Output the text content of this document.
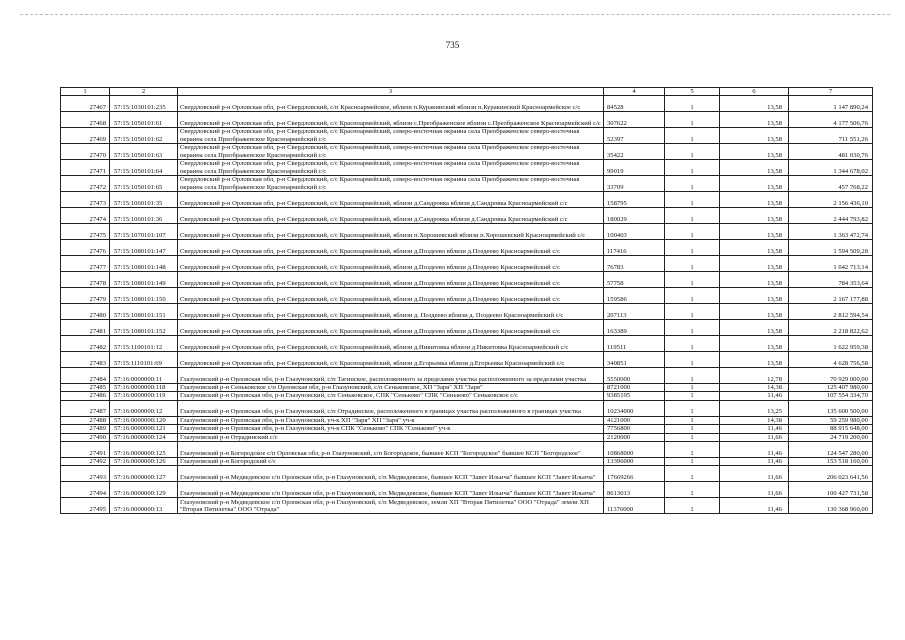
735
1	2	3	4	5	6	7
27467	57:15:1030101:235	Свердловский р-н Орловская обл, р-н Свердловский, с/п Красноармейское, вблизи п.Куракинский вблизи п.Куракинский Красноармейское с/с	84528	1	13,58	1 147 890,24
27468	57:15:1050101:61	Свердловский р-н Орловская обл, р-н Свердловский, с/с Красноармейский, вблизи с.Преображенское вблизи с.Преображенское Красноармейский с/с	307622	1	13,58	4 177 506,76
27469	57:15:1050101:62	Свердловский р-н Орловская обл, р-н Свердловский, с/с Красноармейский, северо-восточная окраина села Преображенское северо-восточная окраина села Преображенское Красноармейский с/с	52397	1	13,58	711 551,26
27470	57:15:1050101:63	Свердловский р-н Орловская обл, р-н Свердловский, с/с Красноармейский, северо-восточная окраина села Преображенское северо-восточная окраина села Преображенское Красноармейский с/с	35422	1	13,58	481 030,76
27471	57:15:1050101:64	Свердловский р-н Орловская обл, р-н Свердловский, с/с Красноармейский, северо-восточная окраина села Преображенское северо-восточная окраина села Преображенское Красноармейский с/с	99019	1	13,58	1 344 678,02
27472	57:15:1050101:65	Свердловский р-н Орловская обл, р-н Свердловский, с/с Красноармейский, северо-восточная окраина села Преображенское северо-восточная окраина села Преображенское Красноармейский с/с	33709	1	13,58	457 768,22
27473	57:15:1060101:35	Свердловский р-н Орловская обл, р-н Свердловский, с/с Красноармейский, вблизи д.Сандровка вблизи д.Сандровка Красноармейский с/с	158795	1	13,58	2 156 436,10
27474	57:15:1060101:36	Свердловский р-н Орловская обл, р-н Свердловский, с/с Красноармейский, вблизи д.Сандровка вблизи д.Сандровка Красноармейский с/с	180029	1	13,58	2 444 793,82
27475	57:15:1070101:107	Свердловский р-н Орловская обл, р-н Свердловский, с/с Красноармейский, вблизи п.Хорошевский вблизи п.Хорошевский Красноармейский с/с	100403	1	13,58	1 363 472,74
27476	57:15:1080101:147	Свердловский р-н Орловская обл, р-н Свердловский, с/с Красноармейский, вблизи д.Поздеево вблизи д.Поздеево Красноармейский с/с	117416	1	13,58	1 594 509,28
27477	57:15:1080101:148	Свердловский р-н Орловская обл, р-н Свердловский, с/с Красноармейский, вблизи д.Поздеево вблизи д.Поздеево Красноармейский с/с	76783	1	13,58	1 042 713,14
27478	57:15:1080101:149	Свердловский р-н Орловская обл, р-н Свердловский, с/с Красноармейский, вблизи д.Поздеево вблизи д.Поздеево Красноармейский с/с	57758	1	13,58	784 353,64
27479	57:15:1080101:150	Свердловский р-н Орловская обл, р-н Свердловский, с/с Красноармейский, вблизи д.Поздеево вблизи д.Поздеево Красноармейский с/с	159586	1	13,58	2 167 177,88
27480	57:15:1080101:151	Свердловский р-н Орловская обл, р-н Свердловский, с/с Красноармейский, вблизи д. Поздеево вблизи д. Поздеево Красноармейский с/с	207113	1	13,58	2 812 594,54
27481	57:15:1080101:152	Свердловский р-н Орловская обл, р-н Свердловский, с/с Красноармейский, вблизи д.Поздеево вблизи д.Поздеево Красноармейский с/с	163389	1	13,58	2 218 822,62
27482	57:15:1100101:12	Свердловский р-н Орловская обл, р-н Свердловский, с/с Красноармейский, вблизи д.Никитовка вблизи д.Никитовка Красноармейский с/с	119511	1	13,58	1 622 959,38
27483	57:15:1110101:69	Свердловский р-н Орловская обл, р-н Свердловский, с/с Красноармейский, вблизи д.Егорьевка вблизи д.Егорьевка Красноармейский с/с	340851	1	13,58	4 628 756,58
27484	57:16:0000000:11	Глазуновский р-н Орловская обл, р-н Глазуновский, с/п Тагинское, расположенного за пределами участка расположенного за пределами участка	5550000	1	12,78	70 929 000,00
27485	57:16:0000000:118	Глазуновский р-н Сеньковское с/п Орловская обл, р-н Глазуновский, с/п Сеньковское, ХП "Заря" ХП "Заря"	8721000	1	14,38	125 407 980,00
27486	57:16:0000000:119	Глазуновский р-н Орловская обл, р-н Глазуновский, с/п Сеньковское, СПК "Сеньково" СПК "Сеньково" Сеньковское с/с	9385195	1	11,46	107 554 334,70
27487	57:16:0000000:12	Глазуновский р-н Орловская обл, р-н Глазуновский, с/п Отрадинское, расположенного в границах участка расположенного в границах участка	10234000	1	13,25	135 600 500,00
27488	57:16:0000000:120	Глазуновский р-н Орловская обл, р-н Глазуновский, уч-к ХП "Заря" ХП "Заря" уч-к	4121000	1	14,38	59 259 980,00
27489	57:16:0000000:121	Глазуновский р-н Орловская обл, р-н Глазуновский, уч-к СПК "Сеньково" СПК "Сеньково" уч-к	7756800	1	11,46	88 915 648,00
27490	57:16:0000000:124	Глазуновский р-н Отрадинский с/с	2120000	1	11,66	24 719 200,00
27491	57:16:0000000:125	Глазуновский р-н Богородское с/п Орловская обл, р-н Глазуновский, с/п Богородское, бывшее КСП "Богородское" бывшее КСП "Богородское"	10868000	1	11,46	124 547 280,00
27492	57:16:0000000:126	Глазуновский р-н Богородский с/с	13396000	1	11,46	153 518 160,00
27493	57:16:0000000:127	Глазуновский р-н Медведевское с/п Орловская обл, р-н Глазуновский, с/п Медведевское, бывшее КСП "Завет Ильича" бывшее КСП "Завет Ильича"	17669266	1	11,66	206 023 641,56
27494	57:16:0000000:129	Глазуновский р-н Медведевское с/п Орловская обл, р-н Глазуновский, с/п Медведевское, бывшее КСП "Завет Ильича" бывшее КСП "Завет Ильича"	8613013	1	11,66	100 427 731,58
27495	57:16:0000000:13	Глазуновский р-н Медведевское с/п Орловская обл, р-н Глазуновский, с/п Медведевское, земли ХП "Вторая Пятилетка" ООО "Отрада" земли ХП "Вторая Пятилетка" ООО "Отрада"	11376000	1	11,46	130 368 960,00
